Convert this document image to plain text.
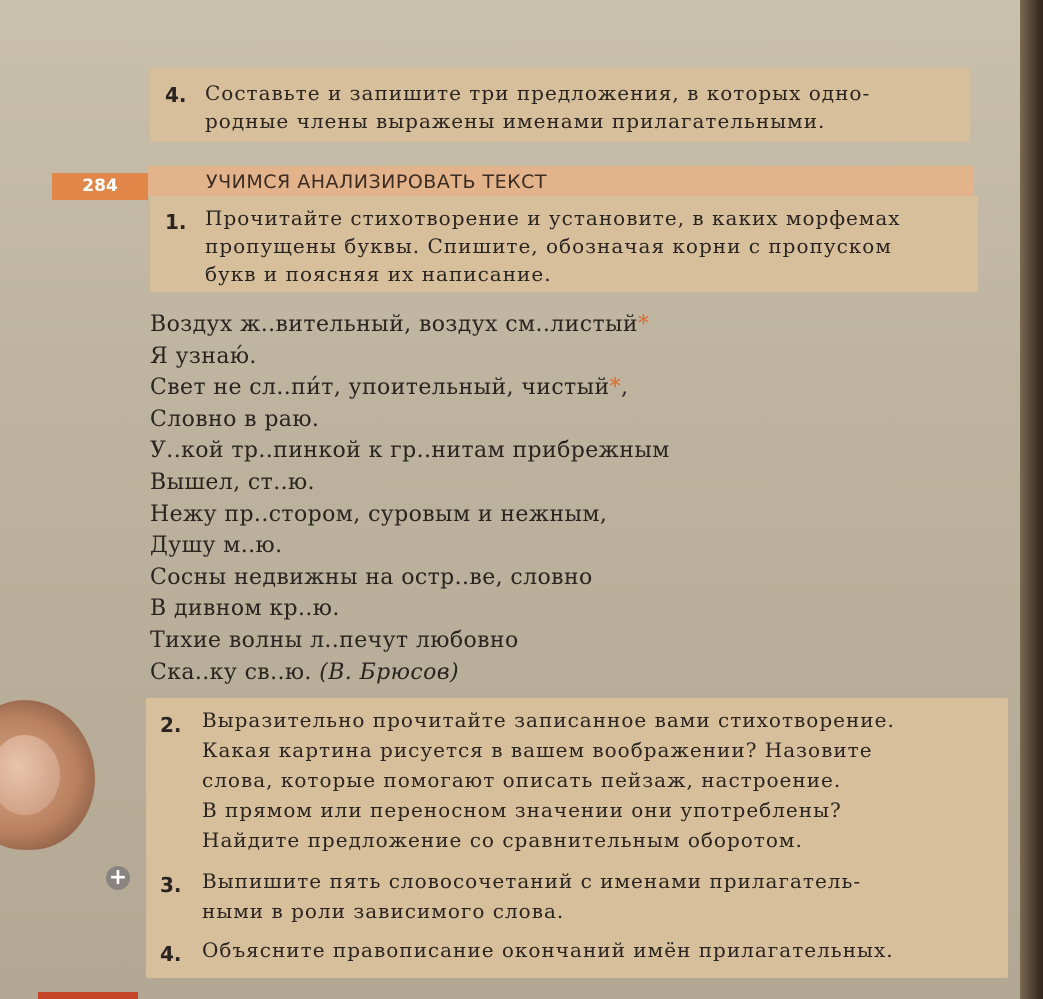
4. Составьте и запишите три предложения, в которых одно-
родные члены выражены именами прилагательными.
284	УЧИМСЯ АНАЛИЗИРОВАТЬ ТЕКСТ
1. Прочитайте стихотворение и установите, в каких морфемах
пропущены буквы. Спишите, обозначая корни с пропуском
букв и поясняя их написание.
Воздух ж..вительный, воздух см..листый*
Я узнаю́.
Свет не сл..пи́т, упоительный, чистый*,
Словно в раю.
У..кой тр..пинкой к гр..нитам прибрежным
Вышел, ст..ю.
Нежу пр..стором, суровым и нежным,
Душу м..ю.
Сосны недвижны на остр..ве, словно
В дивном кр..ю.
Тихие волны л..печут любовно
Ска..ку св..ю. (В. Брюсов)
2. Выразительно прочитайте записанное вами стихотворение.
Какая картина рисуется в вашем воображении? Назовите
слова, которые помогают описать пейзаж, настроение.
В прямом или переносном значении они употреблены?
Найдите предложение со сравнительным оборотом.
+ 3. Выпишите пять словосочетаний с именами прилагатель-
ными в роли зависимого слова.
4. Объясните правописание окончаний имён прилагательных.
